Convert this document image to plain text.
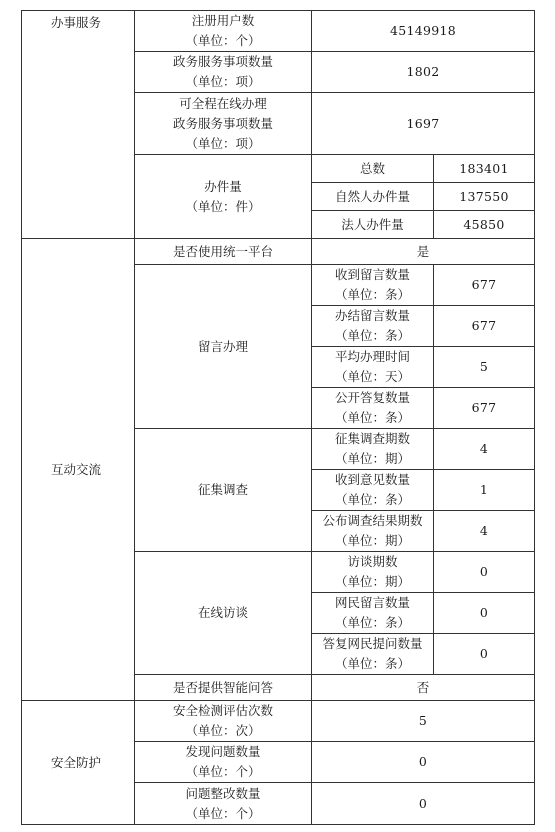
办事服务	注册用户数
（单位：个）	45149918	

	政务服务事项数量
（单位：项）	1802	

	可全程在线办理
政务服务事项数量
（单位：项）	1697	

	办件量
（单位：件）	总数	183401
		自然人办件量	137550
		法人办件量	45850
互动交流	是否使用统一平台	是	
	留言办理	收到留言数量
（单位：条）	677

		办结留言数量
（单位：条）	677

		平均办理时间
（单位：天）	5

		公开答复数量
（单位：条）	677
	征集调查	征集调查期数
（单位：期）	4

		收到意见数量
（单位：条）	1

		公布调查结果期数
（单位：期）	4
	在线访谈	访谈期数
（单位：期）	0

		网民留言数量
（单位：条）	0

		答复网民提问数量
（单位：条）	0
	是否提供智能问答	否	
安全防护	安全检测评估次数
（单位：次）	5	

	发现问题数量
（单位：个）	0	

	问题整改数量
（单位：个）	0	
